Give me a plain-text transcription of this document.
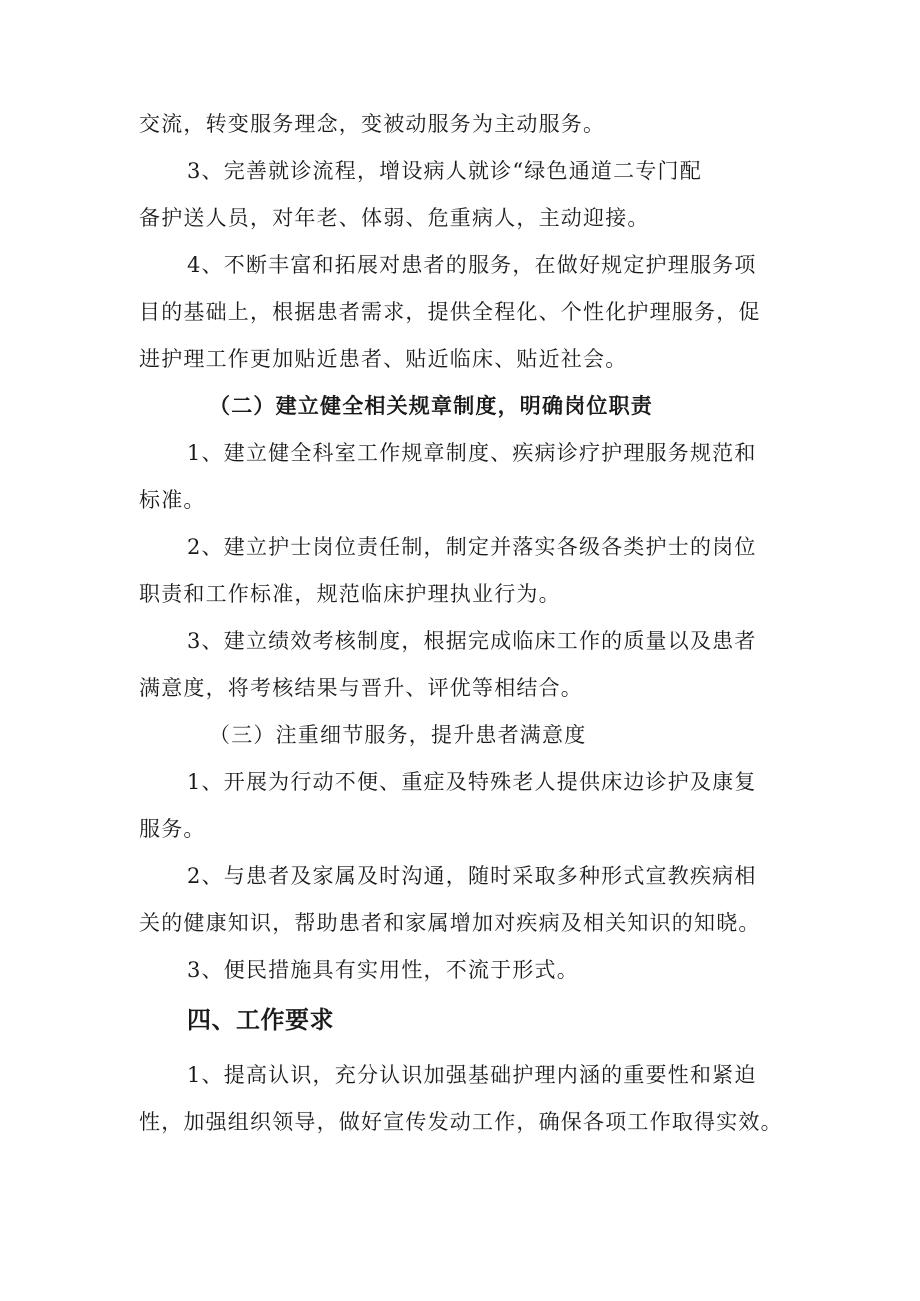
交流，转变服务理念，变被动服务为主动服务。
3、完善就诊流程，增设病人就诊“绿色通道二专门配
备护送人员，对年老、体弱、危重病人，主动迎接。
4、不断丰富和拓展对患者的服务，在做好规定护理服务项
目的基础上，根据患者需求，提供全程化、个性化护理服务，促
进护理工作更加贴近患者、贴近临床、贴近社会。
（二）建立健全相关规章制度，明确岗位职责
1、建立健全科室工作规章制度、疾病诊疗护理服务规范和
标准。
2、建立护士岗位责任制，制定并落实各级各类护士的岗位
职责和工作标准，规范临床护理执业行为。
3、建立绩效考核制度，根据完成临床工作的质量以及患者
满意度，将考核结果与晋升、评优等相结合。
（三）注重细节服务，提升患者满意度
1、开展为行动不便、重症及特殊老人提供床边诊护及康复
服务。
2、与患者及家属及时沟通，随时采取多种形式宣教疾病相
关的健康知识，帮助患者和家属增加对疾病及相关知识的知晓。
3、便民措施具有实用性，不流于形式。
四、工作要求
1、提高认识，充分认识加强基础护理内涵的重要性和紧迫
性，加强组织领导，做好宣传发动工作，确保各项工作取得实效。
